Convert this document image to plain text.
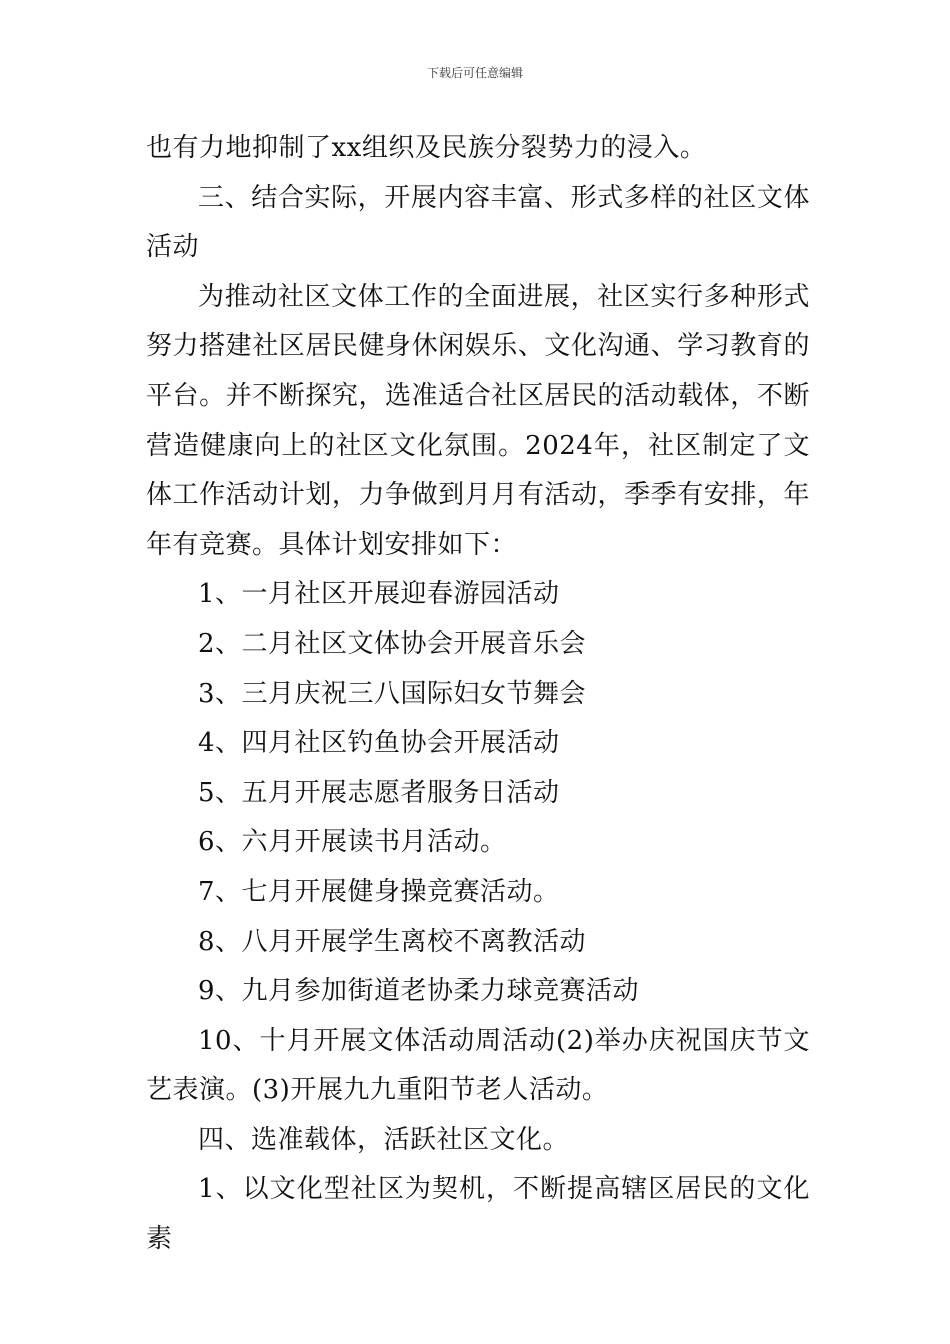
下载后可任意编辑

也有力地抑制了xx组织及民族分裂势力的浸入。

三、结合实际，开展内容丰富、形式多样的社区文体活动

为推动社区文体工作的全面进展，社区实行多种形式努力搭建社区居民健身休闲娱乐、文化沟通、学习教育的平台。并不断探究，选准适合社区居民的活动载体，不断营造健康向上的社区文化氛围。2024年，社区制定了文体工作活动计划，力争做到月月有活动，季季有安排，年年有竞赛。具体计划安排如下：

1、一月社区开展迎春游园活动

2、二月社区文体协会开展音乐会

3、三月庆祝三八国际妇女节舞会

4、四月社区钓鱼协会开展活动

5、五月开展志愿者服务日活动

6、六月开展读书月活动。

7、七月开展健身操竞赛活动。

8、八月开展学生离校不离教活动

9、九月参加街道老协柔力球竞赛活动

10、十月开展文体活动周活动(2)举办庆祝国庆节文艺表演。(3)开展九九重阳节老人活动。

四、选准载体，活跃社区文化。

1、以文化型社区为契机，不断提高辖区居民的文化素
